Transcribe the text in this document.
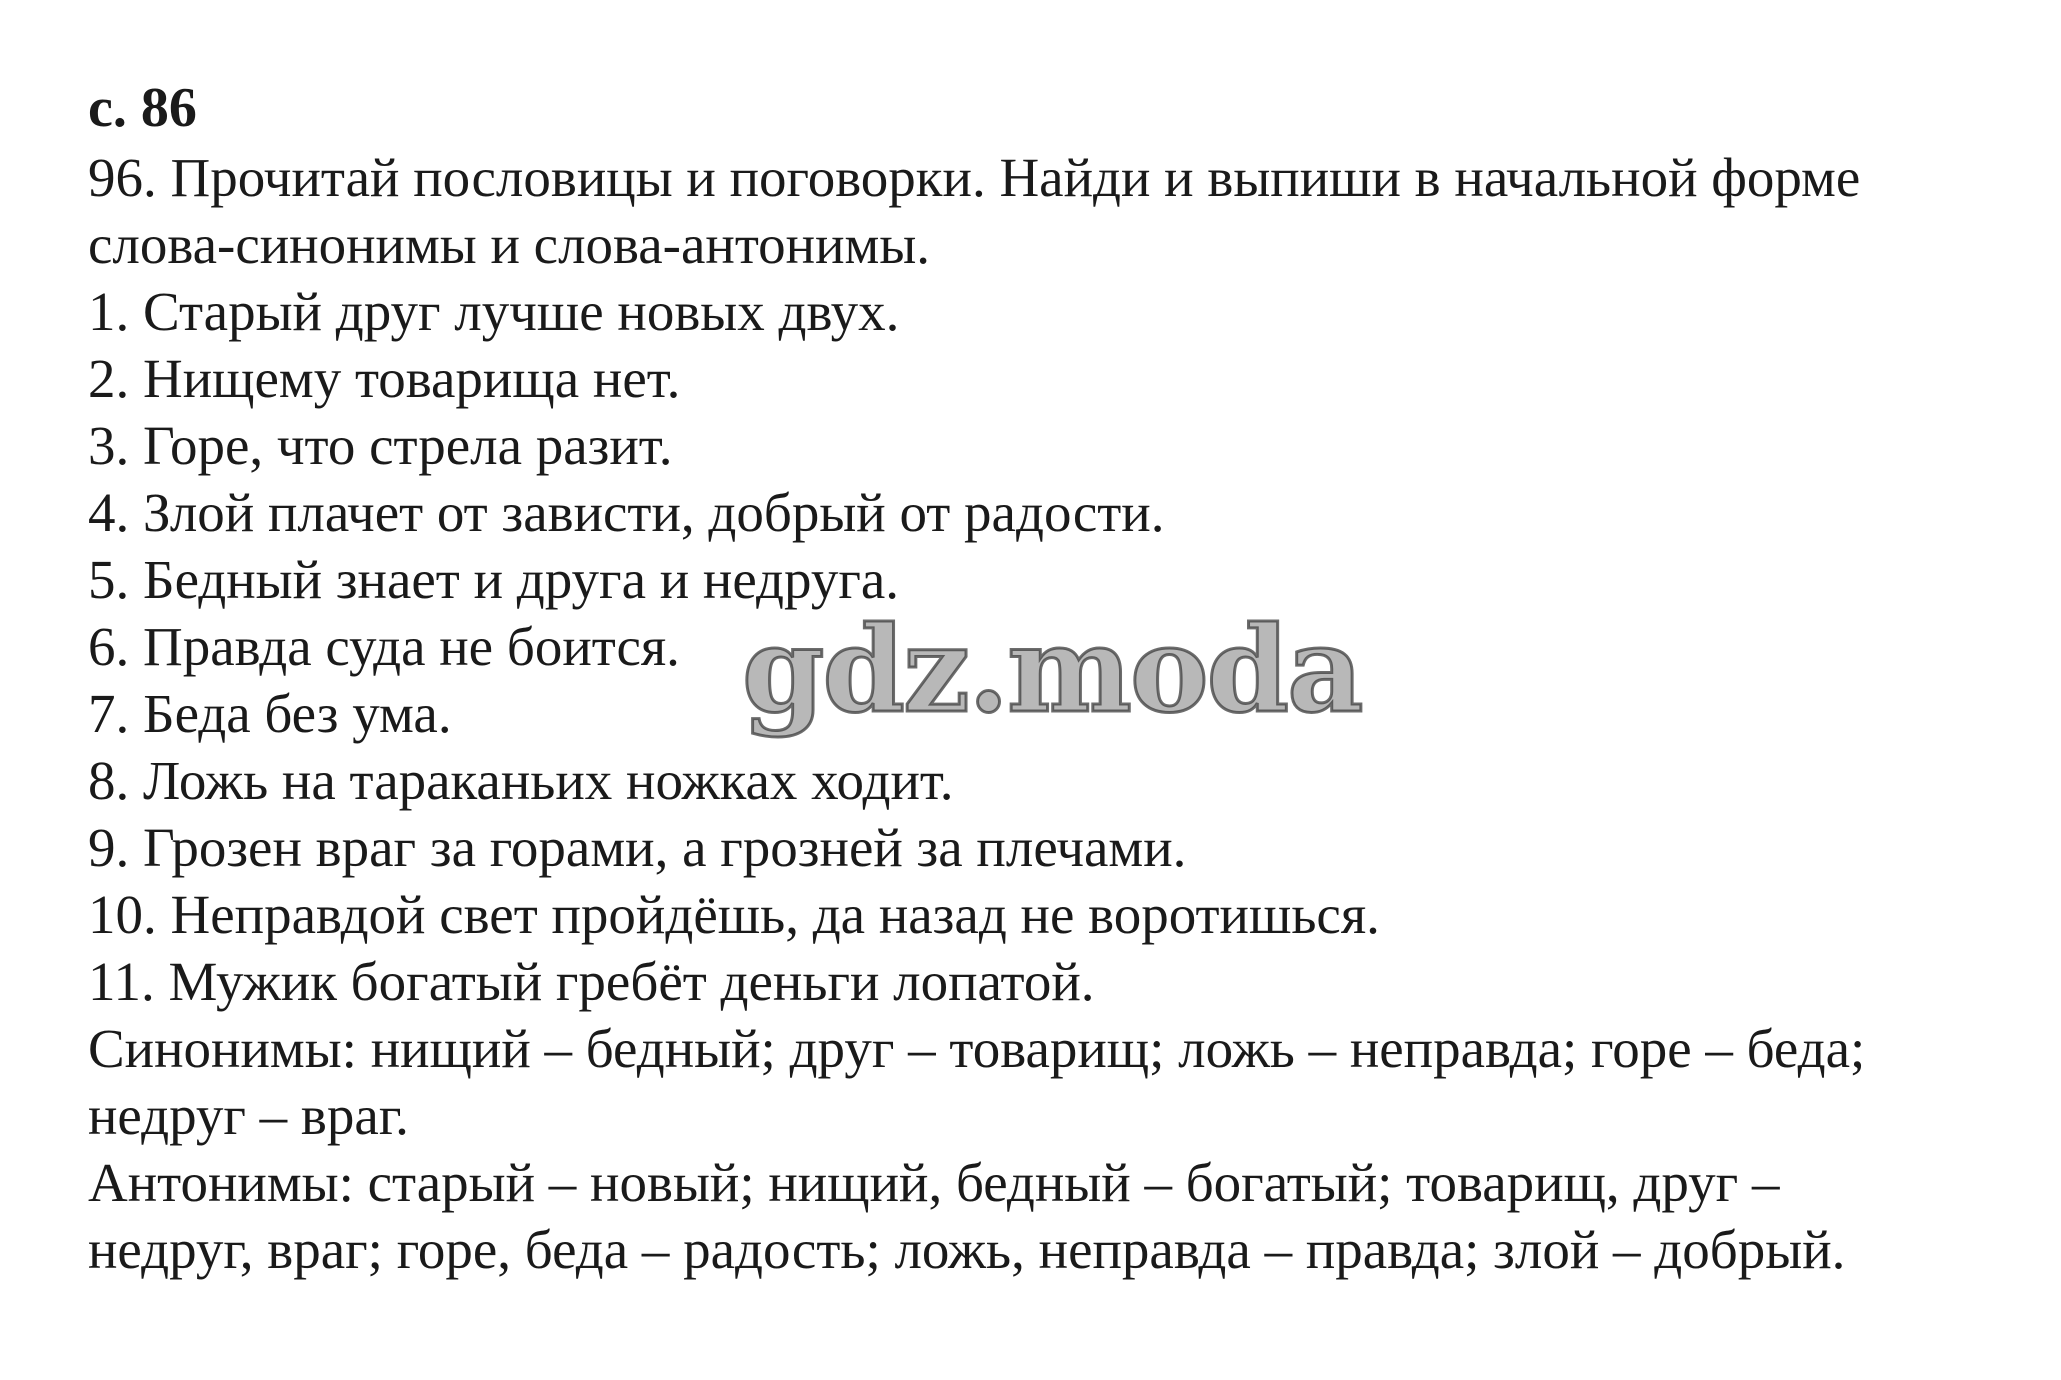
с. 86
96. Прочитай пословицы и поговорки. Найди и выпиши в начальной форме
слова-синонимы и слова-антонимы.
1. Старый друг лучше новых двух.
2. Нищему товарища нет.
3. Горе, что стрела разит.
4. Злой плачет от зависти, добрый от радости.
5. Бедный знает и друга и недруга.
6. Правда суда не боится.
7. Беда без ума.
8. Ложь на тараканьих ножках ходит.
9. Грозен враг за горами, а грозней за плечами.
10. Неправдой свет пройдёшь, да назад не воротишься.
11. Мужик богатый гребёт деньги лопатой.
Синонимы: нищий – бедный; друг – товарищ; ложь – неправда; горе – беда;
недруг – враг.
Антонимы: старый – новый; нищий, бедный – богатый; товарищ, друг –
недруг, враг; горе, беда – радость; ложь, неправда – правда; злой – добрый.
gdz.moda
